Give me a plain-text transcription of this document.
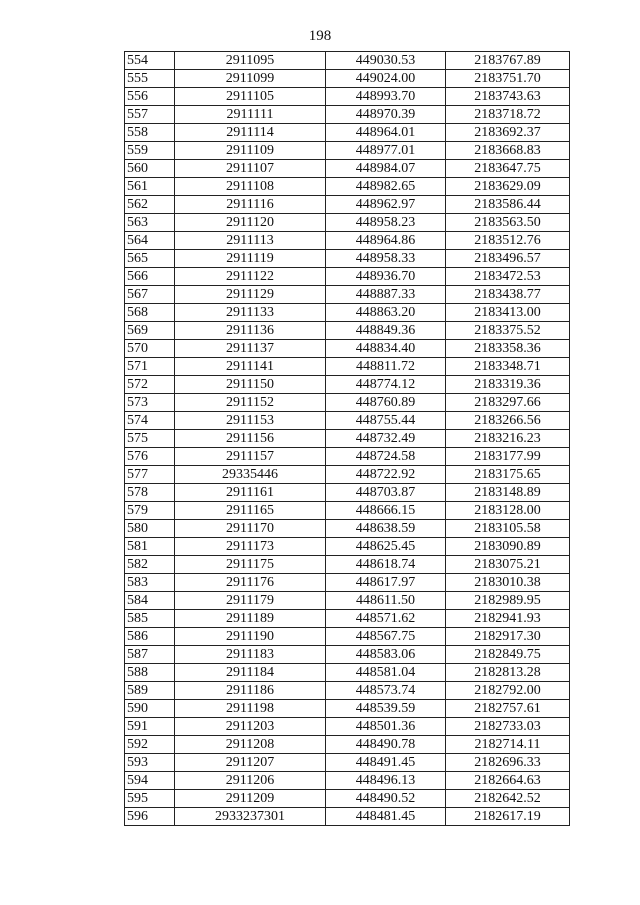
198
554	2911095	449030.53	2183767.89
555	2911099	449024.00	2183751.70
556	2911105	448993.70	2183743.63
557	2911111	448970.39	2183718.72
558	2911114	448964.01	2183692.37
559	2911109	448977.01	2183668.83
560	2911107	448984.07	2183647.75
561	2911108	448982.65	2183629.09
562	2911116	448962.97	2183586.44
563	2911120	448958.23	2183563.50
564	2911113	448964.86	2183512.76
565	2911119	448958.33	2183496.57
566	2911122	448936.70	2183472.53
567	2911129	448887.33	2183438.77
568	2911133	448863.20	2183413.00
569	2911136	448849.36	2183375.52
570	2911137	448834.40	2183358.36
571	2911141	448811.72	2183348.71
572	2911150	448774.12	2183319.36
573	2911152	448760.89	2183297.66
574	2911153	448755.44	2183266.56
575	2911156	448732.49	2183216.23
576	2911157	448724.58	2183177.99
577	29335446	448722.92	2183175.65
578	2911161	448703.87	2183148.89
579	2911165	448666.15	2183128.00
580	2911170	448638.59	2183105.58
581	2911173	448625.45	2183090.89
582	2911175	448618.74	2183075.21
583	2911176	448617.97	2183010.38
584	2911179	448611.50	2182989.95
585	2911189	448571.62	2182941.93
586	2911190	448567.75	2182917.30
587	2911183	448583.06	2182849.75
588	2911184	448581.04	2182813.28
589	2911186	448573.74	2182792.00
590	2911198	448539.59	2182757.61
591	2911203	448501.36	2182733.03
592	2911208	448490.78	2182714.11
593	2911207	448491.45	2182696.33
594	2911206	448496.13	2182664.63
595	2911209	448490.52	2182642.52
596	2933237301	448481.45	2182617.19
